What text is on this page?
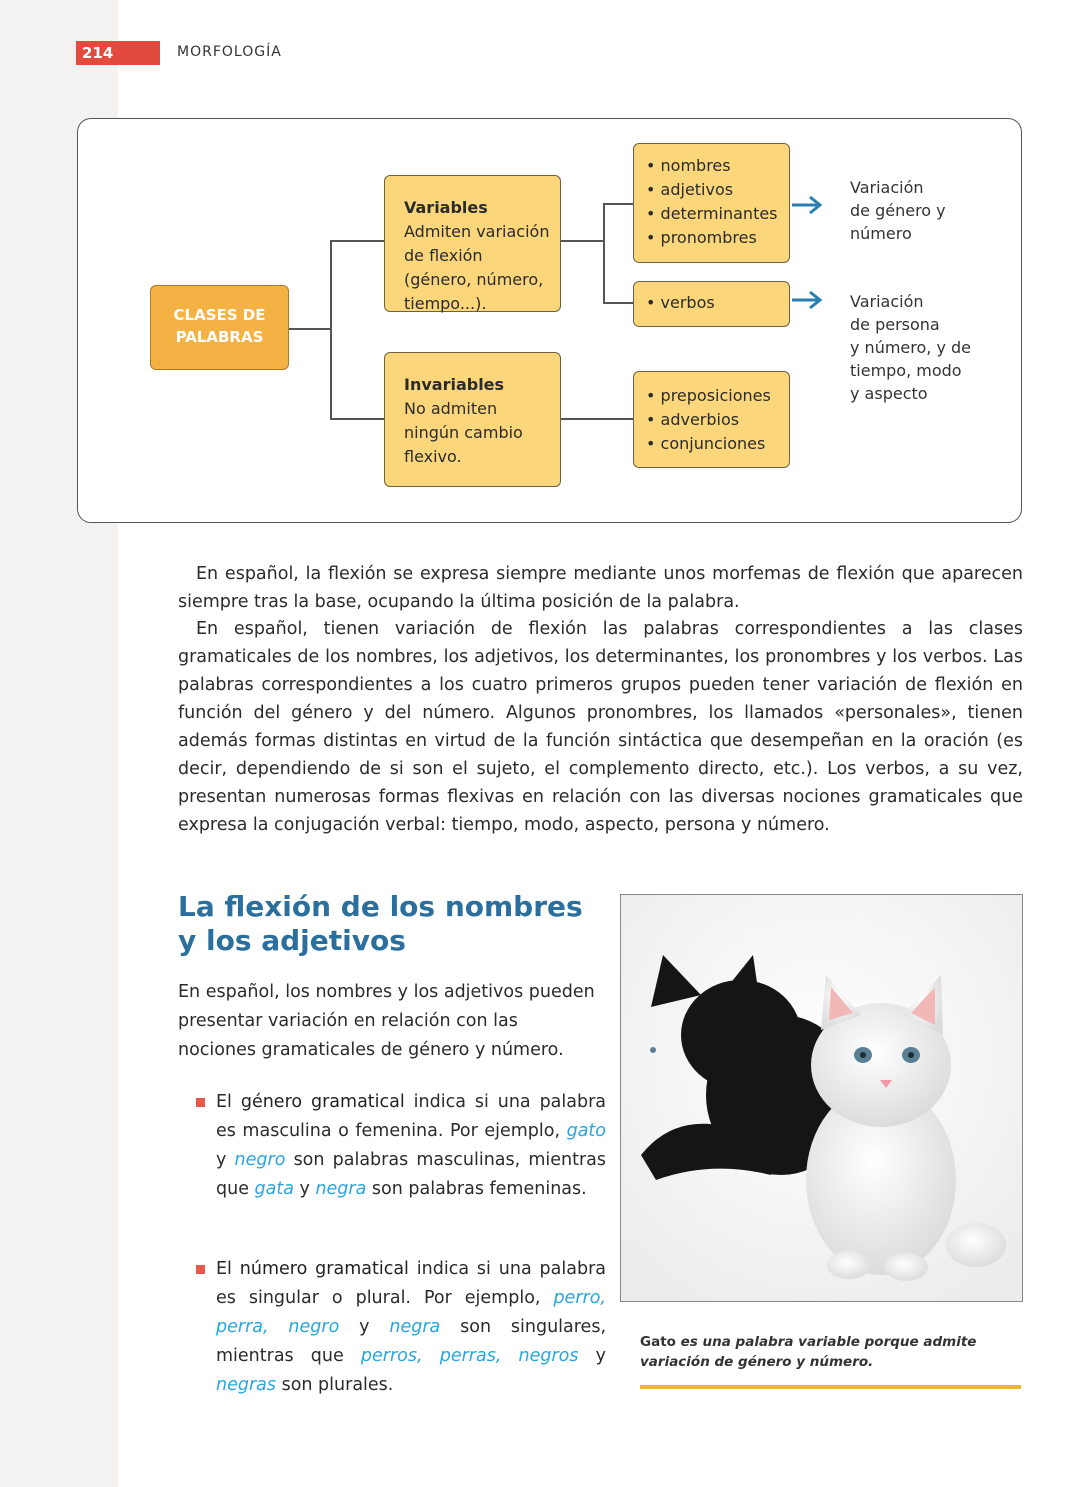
214	MORFOLOGÍA
CLASES DE PALABRAS
Variables
Admiten variación de flexión (género, número, tiempo...).
Invariables
No admiten ningún cambio flexivo.
• nombres
• adjetivos
• determinantes
• pronombres
• verbos
• preposiciones
• adverbios
• conjunciones
Variación
de género y
número
Variación
de persona
y número, y de
tiempo, modo
y aspecto

En español, la flexión se expresa siempre mediante unos morfemas de flexión que aparecen siempre tras la base, ocupando la última posición de la palabra.

En español, tienen variación de flexión las palabras correspondientes a las clases gramaticales de los nombres, los adjetivos, los determinantes, los pronombres y los verbos. Las palabras correspondientes a los cuatro primeros grupos pueden tener variación de flexión en función del género y del número. Algunos pronombres, los llamados «personales», tienen además formas distintas en virtud de la función sintáctica que desempeñan en la oración (es decir, dependiendo de si son el sujeto, el complemento directo, etc.). Los verbos, a su vez, presentan numerosas formas flexivas en relación con las diversas nociones gramaticales que expresa la conjugación verbal: tiempo, modo, aspecto, persona y número.

La flexión de los nombres
y los adjetivos

En español, los nombres y los adjetivos pueden presentar variación en relación con las nociones gramaticales de género y número.

El género gramatical indica si una palabra es masculina o femenina. Por ejemplo, gato y negro son palabras masculinas, mientras que gata y negra son palabras femeninas.

El número gramatical indica si una palabra es singular o plural. Por ejemplo, perro, perra, negro y negra son singulares, mientras que perros, perras, negros y negras son plurales.

Gato es una palabra variable porque admite variación de género y número.
